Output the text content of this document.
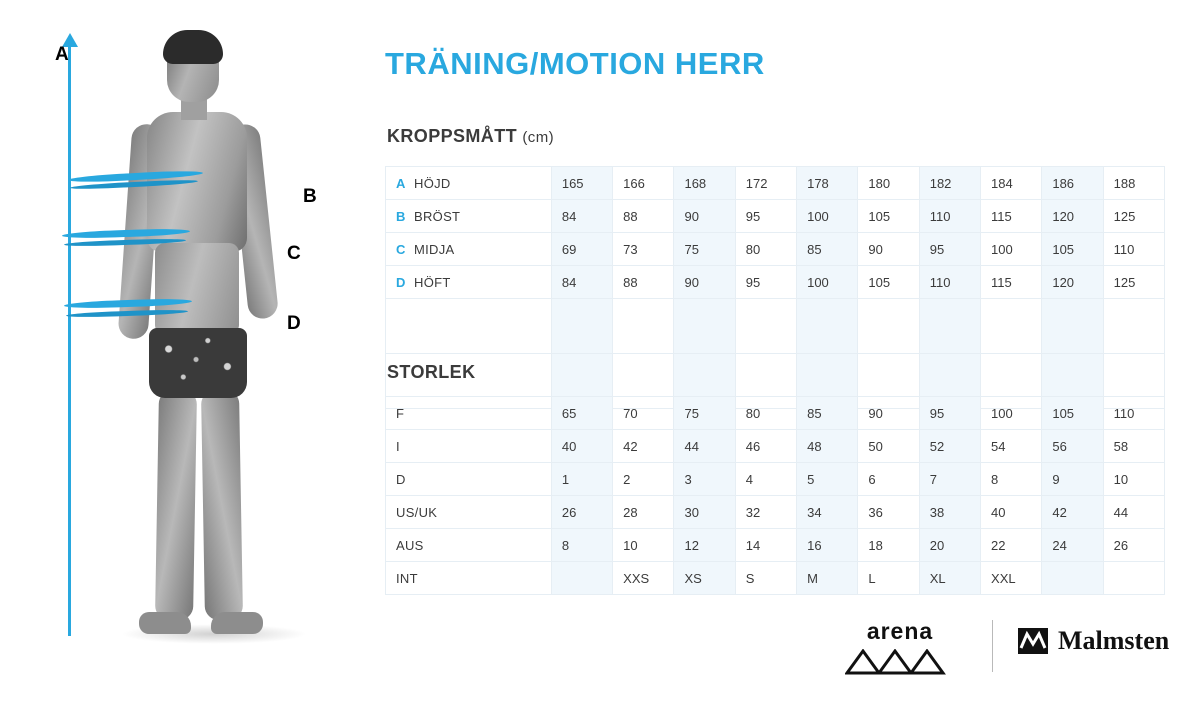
A
B
C
D
TRÄNING/MOTION HERR
KROPPSMÅTT (cm)
A HÖJD	165	166	168	172	178	180	182	184	186	188
B BRÖST	84	88	90	95	100	105	110	115	120	125
C MIDJA	69	73	75	80	85	90	95	100	105	110
D HÖFT	84	88	90	95	100	105	110	115	120	125

STORLEK
F	65	70	75	80	85	90	95	100	105	110
I	40	42	44	46	48	50	52	54	56	58
D	1	2	3	4	5	6	7	8	9	10
US/UK	26	28	30	32	34	36	38	40	42	44
AUS	8	10	12	14	16	18	20	22	24	26
INT		XXS	XS	S	M	L	XL	XXL		
arena	Malmsten
